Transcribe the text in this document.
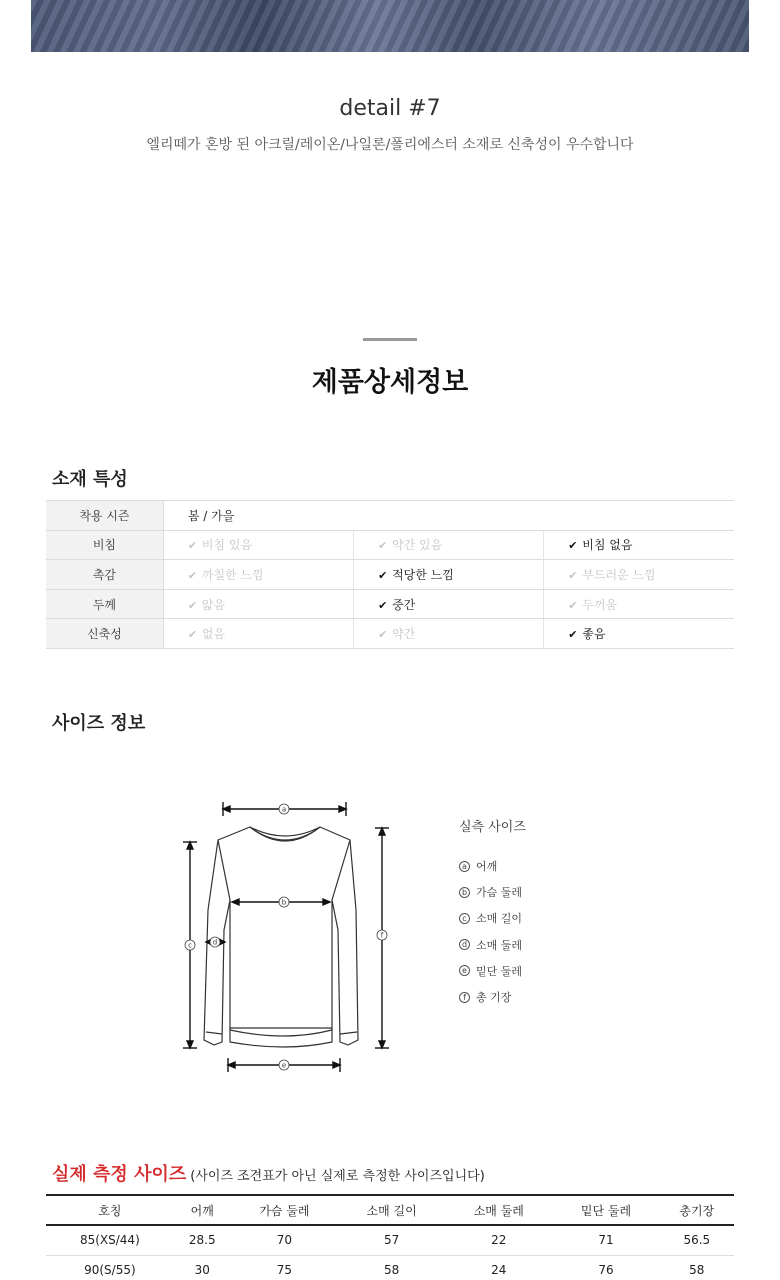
detail #7
엘리떼가 혼방 된 아크릴/레이온/나일론/폴리에스터 소재로 신축성이 우수합니다
제품상세정보
소재 특성
착용 시즌	봄 / 가을		
비침	✔ 비침 있음	✔ 약간 있음	✔ 비침 없음
촉감	✔ 까칠한 느낌	✔ 적당한 느낌	✔ 부드러운 느낌
두께	✔ 얇음	✔ 중간	✔ 두꺼움
신축성	✔ 없음	✔ 약간	✔ 좋음
사이즈 정보
a
b
c	d
e
f
실측 사이즈
a 어깨
b 가슴 둘레
c 소매 길이
d 소매 둘레
e 밑단 둘레
f 총 기장
실제 측정 사이즈 (사이즈 조견표가 아닌 실제로 측정한 사이즈입니다)
호칭	어깨	가슴 둘레	소매 길이	소매 둘레	밑단 둘레	총기장
85(XS/44)	28.5	70	57	22	71	56.5
90(S/55)	30	75	58	24	76	58
